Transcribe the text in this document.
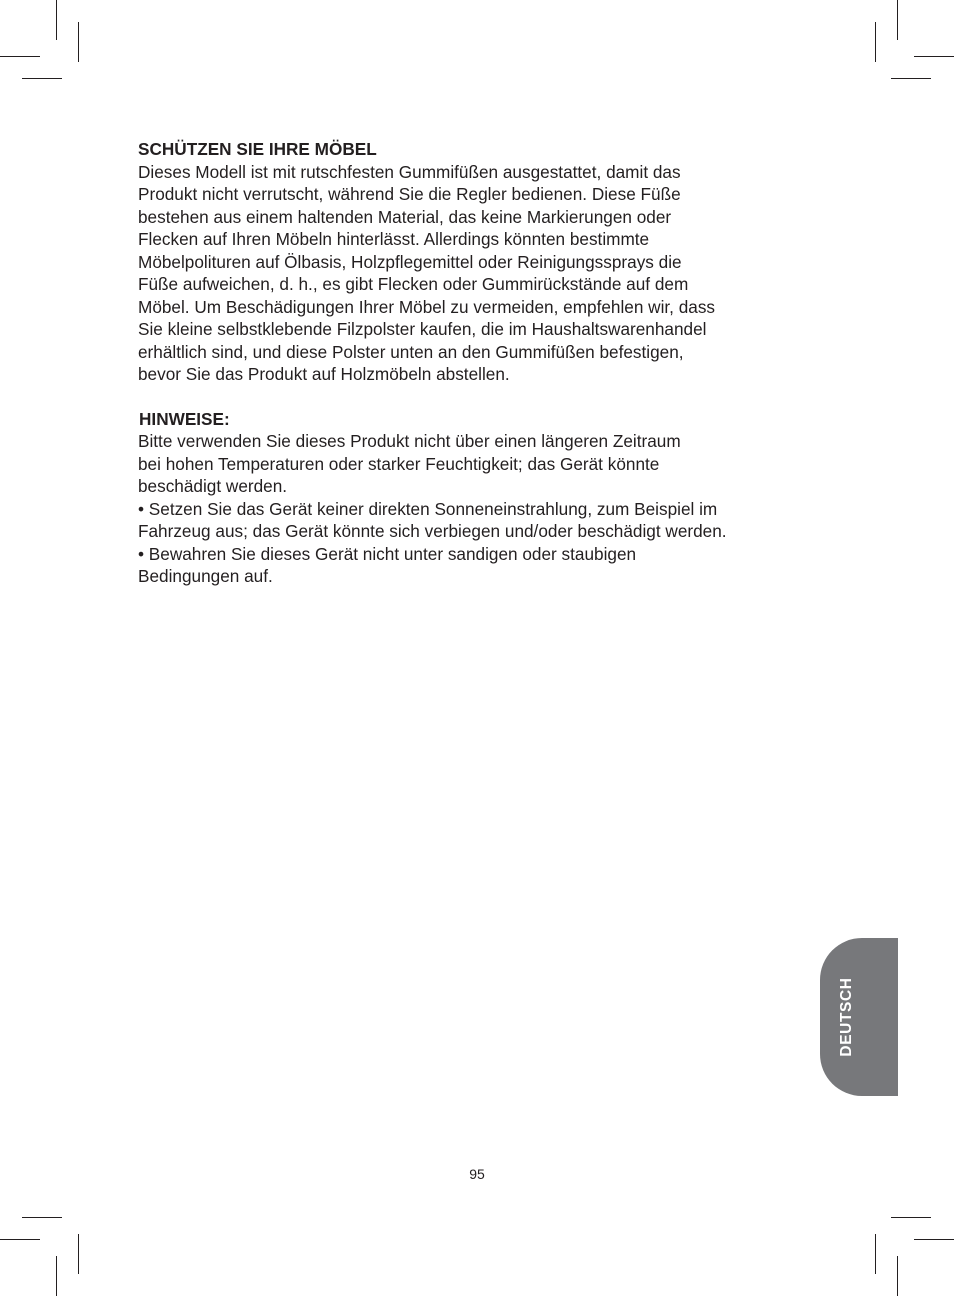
SCHÜTZEN SIE IHRE MÖBEL
Dieses Modell ist mit rutschfesten Gummifüßen ausgestattet, damit das
Produkt nicht verrutscht, während Sie die Regler bedienen. Diese Füße
bestehen aus einem haltenden Material, das keine Markierungen oder
Flecken auf Ihren Möbeln hinterlässt. Allerdings könnten bestimmte
Möbelpolituren auf Ölbasis, Holzpflegemittel oder Reinigungssprays die
Füße aufweichen, d. h., es gibt Flecken oder Gummirückstände auf dem
Möbel. Um Beschädigungen Ihrer Möbel zu vermeiden, empfehlen wir, dass
Sie kleine selbstklebende Filzpolster kaufen, die im Haushaltswarenhandel
erhältlich sind, und diese Polster unten an den Gummifüßen befestigen,
bevor Sie das Produkt auf Holzmöbeln abstellen.
HINWEISE:
Bitte verwenden Sie dieses Produkt nicht über einen längeren Zeitraum
bei hohen Temperaturen oder starker Feuchtigkeit; das Gerät könnte
beschädigt werden.
• Setzen Sie das Gerät keiner direkten Sonneneinstrahlung, zum Beispiel im
Fahrzeug aus; das Gerät könnte sich verbiegen und/oder beschädigt werden.
• Bewahren Sie dieses Gerät nicht unter sandigen oder staubigen
Bedingungen auf.
DEUTSCH
95
